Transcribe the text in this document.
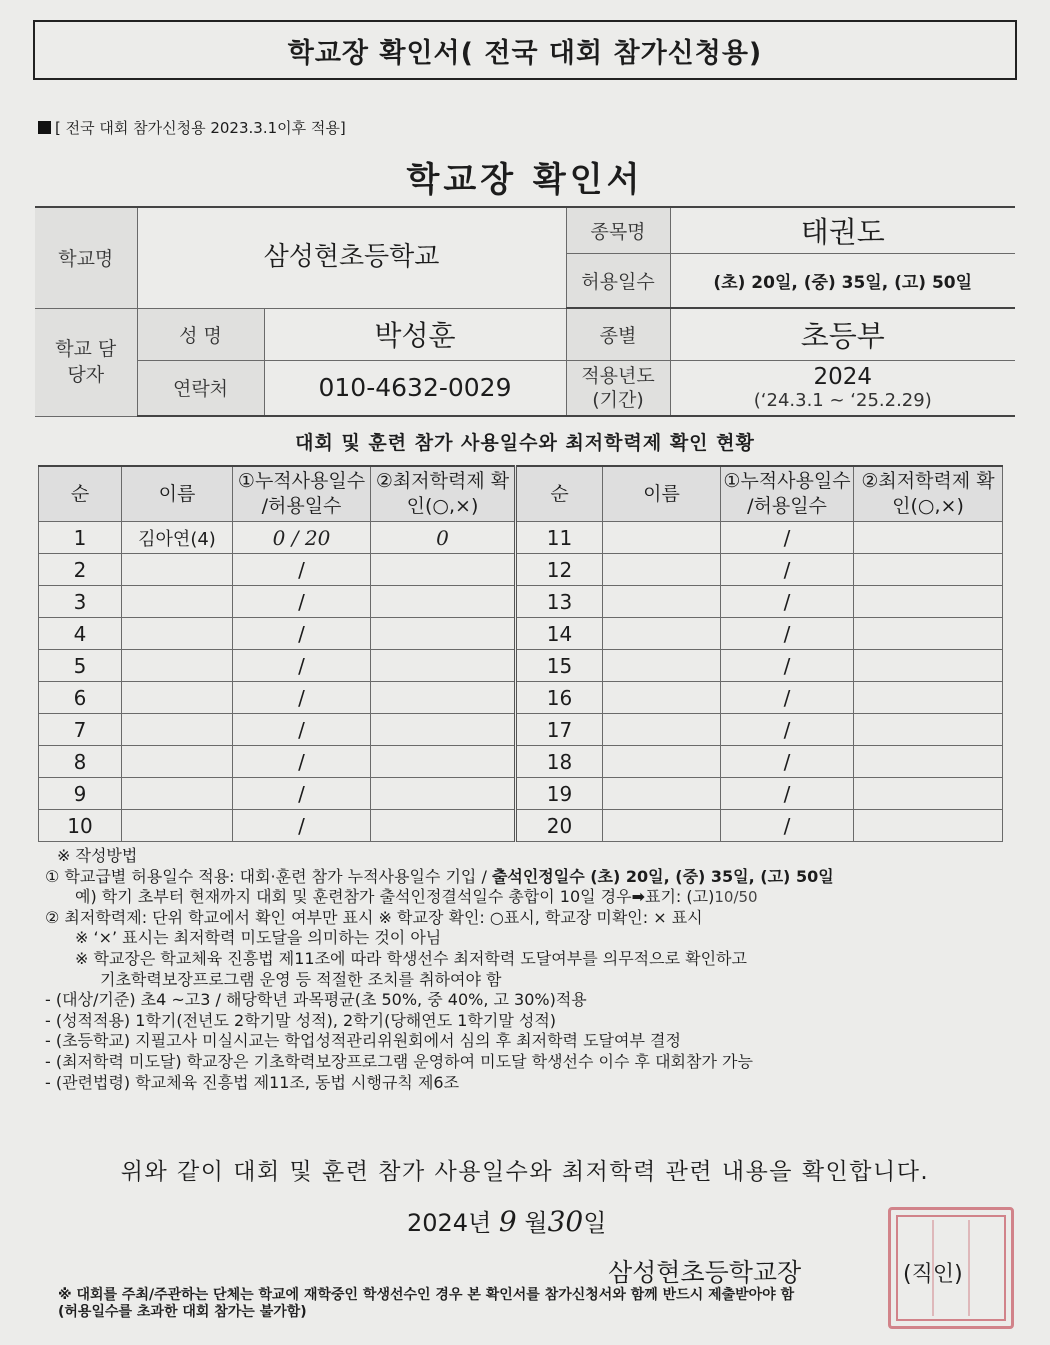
학교장 확인서( 전국 대회 참가신청용)
[ 전국 대회 참가신청용 2023.3.1이후 적용]
학교장 확인서
학교명	삼성현초등학교		종목명	태권도
			허용일수	(초) 20일, (중) 35일, (고) 50일
학교 담당자	성 명	박성훈	종별	초등부
	연락처	010-4632-0029	적용년도 (기간)	2024
(‘24.3.1 ~ ‘25.2.29)
대회 및 훈련 참가 사용일수와 최저학력제 확인 현황
순	이름	①누적사용일수 /허용일수	②최저학력제 확인(○,×)	순	이름	①누적사용일수 /허용일수	②최저학력제 확인(○,×)
1	김아연(4)	0 / 20	0	11		/	
2		/		12		/	
3		/		13		/	
4		/		14		/	
5		/		15		/	
6		/		16		/	
7		/		17		/	
8		/		18		/	
9		/		19		/	
10		/		20		/	
※ 작성방법
① 학교급별 허용일수 적용: 대회·훈련 참가 누적사용일수 기입 / 출석인정일수 (초) 20일, (중) 35일, (고) 50일
예) 학기 초부터 현재까지 대회 및 훈련참가 출석인정결석일수 총합이 10일 경우➡표기: (고)10/50
② 최저학력제: 단위 학교에서 확인 여부만 표시 ※ 학교장 확인: ○표시, 학교장 미확인: × 표시
※ ‘×’ 표시는 최저학력 미도달을 의미하는 것이 아님
※ 학교장은 학교체육 진흥법 제11조에 따라 학생선수 최저학력 도달여부를 의무적으로 확인하고
기초학력보장프로그램 운영 등 적절한 조치를 취하여야 함
- (대상/기준) 초4 ~고3 / 해당학년 과목평균(초 50%, 중 40%, 고 30%)적용
- (성적적용) 1학기(전년도 2학기말 성적), 2학기(당해연도 1학기말 성적)
- (초등학교) 지필고사 미실시교는 학업성적관리위원회에서 심의 후 최저학력 도달여부 결정
- (최저학력 미도달) 학교장은 기초학력보장프로그램 운영하여 미도달 학생선수 이수 후 대회참가 가능
- (관련법령) 학교체육 진흥법 제11조, 동법 시행규칙 제6조
위와 같이 대회 및 훈련 참가 사용일수와 최저학력 관련 내용을 확인합니다.
2024년 9 월30일
삼성현초등학교장	(직인)
※ 대회를 주최/주관하는 단체는 학교에 재학중인 학생선수인 경우 본 확인서를 참가신청서와 함께 반드시 제출받아야 함
(허용일수를 초과한 대회 참가는 불가함)
